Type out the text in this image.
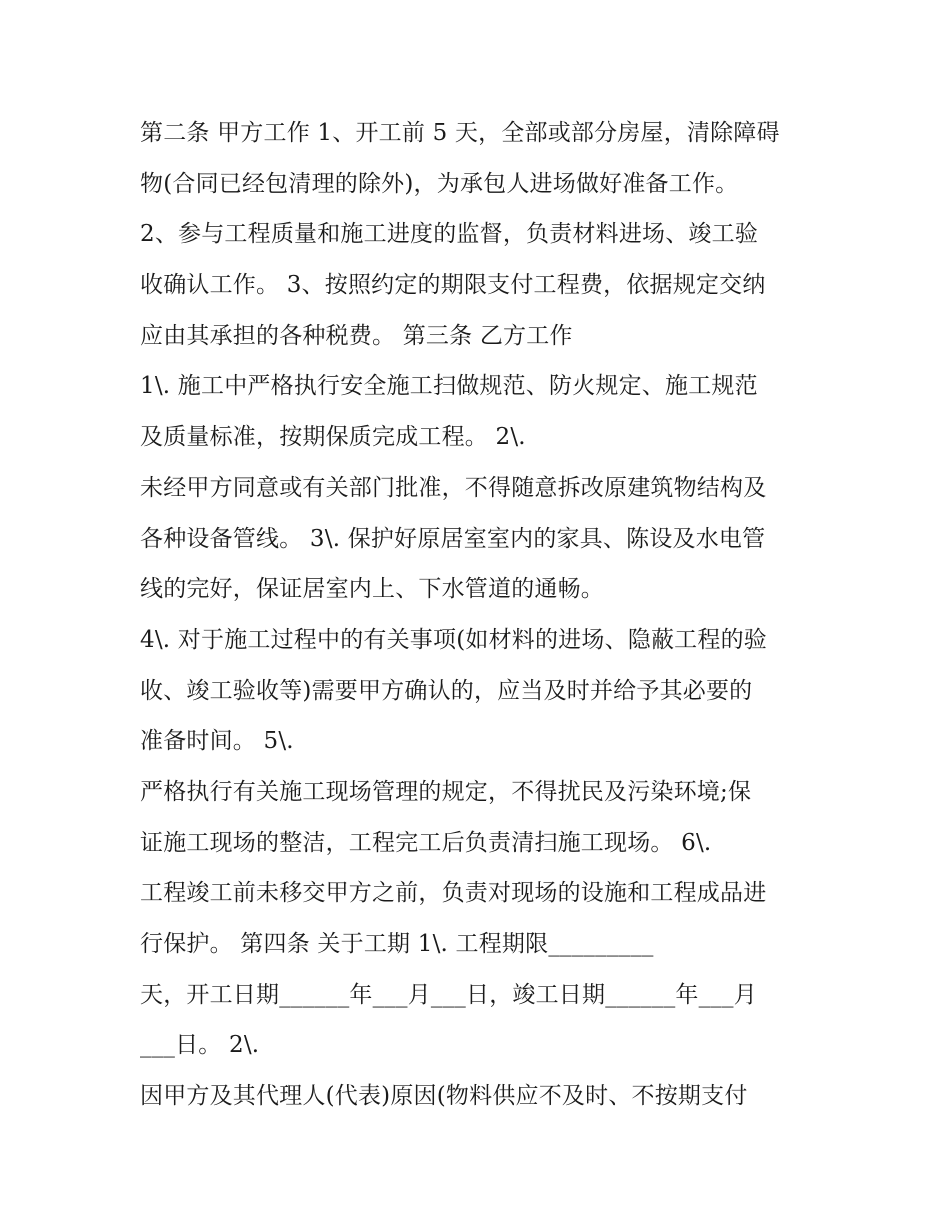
第二条 甲方工作 1、开工前 5 天，全部或部分房屋，清除障碍
物(合同已经包清理的除外)，为承包人进场做好准备工作。
2、参与工程质量和施工进度的监督，负责材料进场、竣工验
收确认工作。 3、按照约定的期限支付工程费，依据规定交纳
应由其承担的各种税费。 第三条 乙方工作
1\. 施工中严格执行安全施工扫做规范、防火规定、施工规范
及质量标准，按期保质完成工程。 2\.
未经甲方同意或有关部门批准，不得随意拆改原建筑物结构及
各种设备管线。 3\. 保护好原居室室内的家具、陈设及水电管
线的完好，保证居室内上、下水管道的通畅。
4\. 对于施工过程中的有关事项(如材料的进场、隐蔽工程的验
收、竣工验收等)需要甲方确认的，应当及时并给予其必要的
准备时间。 5\.
严格执行有关施工现场管理的规定，不得扰民及污染环境;保
证施工现场的整洁，工程完工后负责清扫施工现场。 6\.
工程竣工前未移交甲方之前，负责对现场的设施和工程成品进
行保护。 第四条 关于工期 1\. 工程期限_________
天，开工日期______年___月___日，竣工日期______年___月
___日。 2\.
因甲方及其代理人(代表)原因(物料供应不及时、不按期支付
